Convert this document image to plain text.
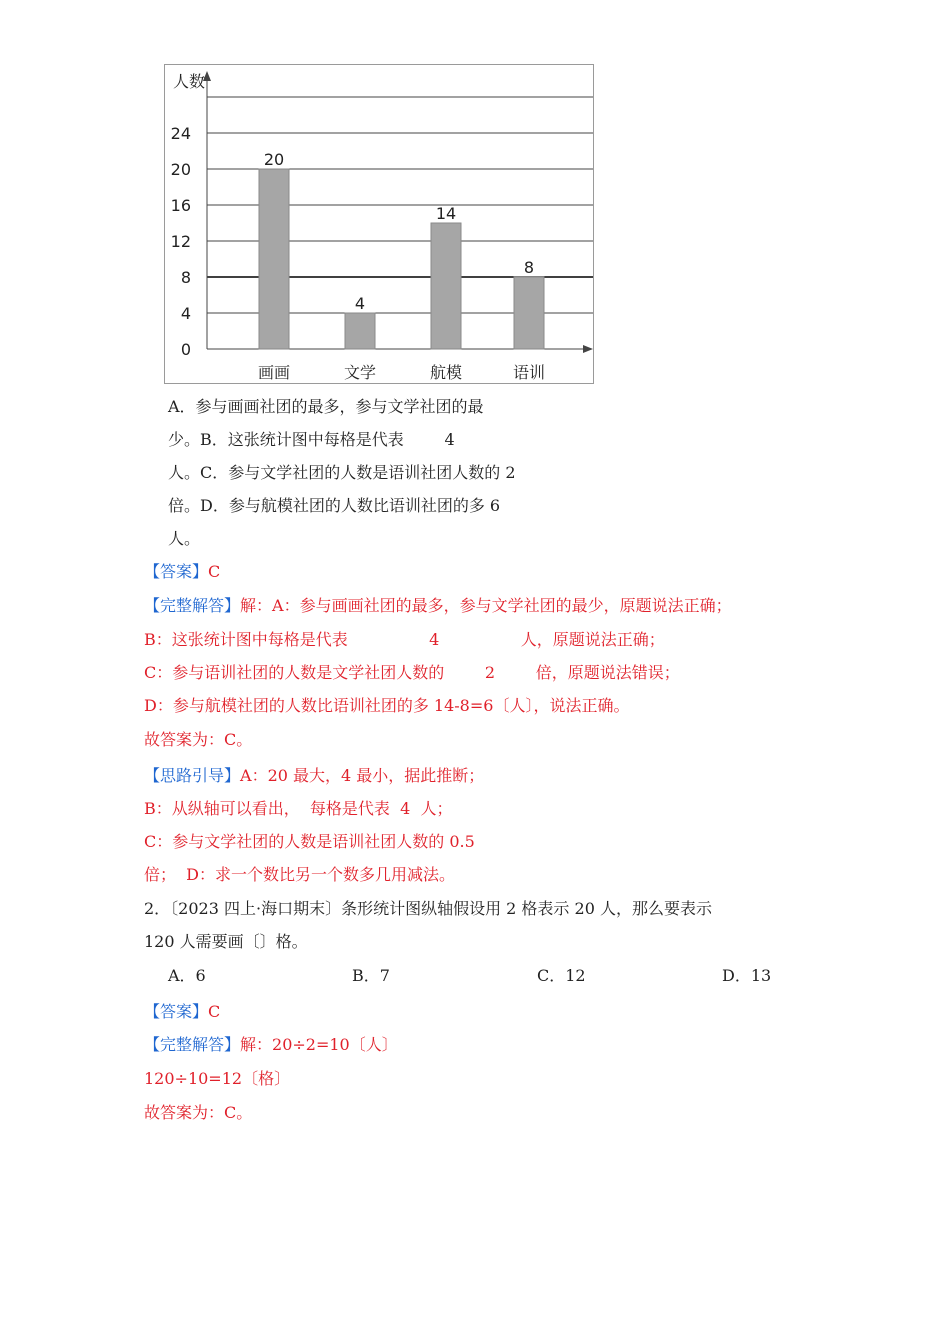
人数
0
4
8
12
16
20
24
20
画画
4
文学
14
航模
8
语训
A．参与画画社团的最多，参与文学社团的最
少。B．这张统计图中每格是代表        4
人。C．参与文学社团的人数是语训社团人数的 2
倍。D．参与航模社团的人数比语训社团的多 6
人。
【答案】C
【完整解答】解：A：参与画画社团的最多，参与文学社团的最少，原题说法正确；
B：这张统计图中每格是代表                4                人，原题说法正确；
C：参与语训社团的人数是文学社团人数的        2        倍，原题说法错误；
D：参与航模社团的人数比语训社团的多 14-8=6〔人〕，说法正确。
故答案为：C。
【思路引导】A：20 最大，4 最小，据此推断；
B：从纵轴可以看出，  每格是代表  4  人；
C：参与文学社团的人数是语训社团人数的 0.5
倍；  D：求一个数比另一个数多几用减法。
2．〔2023 四上·海口期末〕条形统计图纵轴假设用 2 格表示 20 人，那么要表示
120 人需要画〔〕格。
A．6	B．7	C．12	D．13
【答案】C
【完整解答】解：20÷2=10〔人〕
120÷10=12〔格〕
故答案为：C。
